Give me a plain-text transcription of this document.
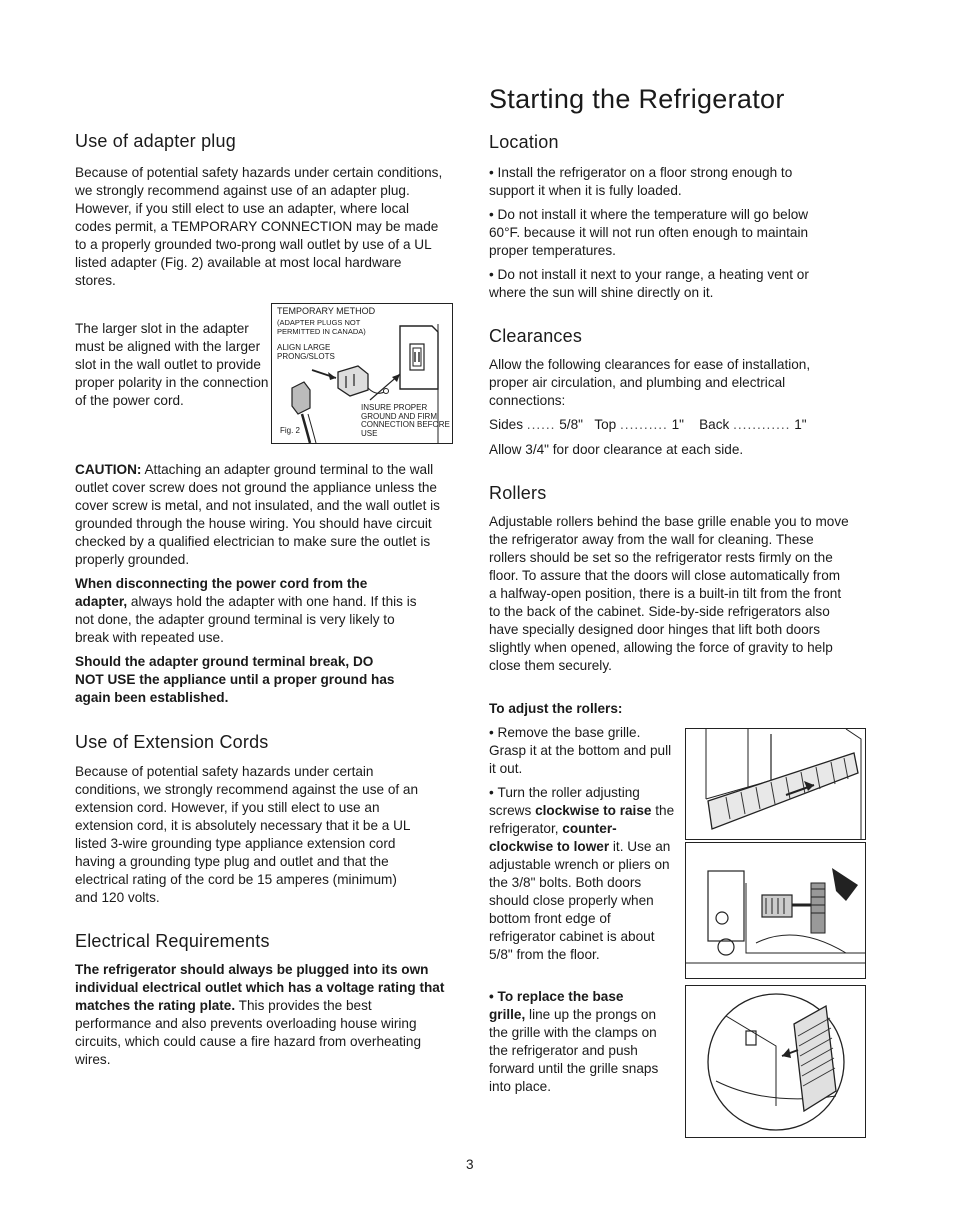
Use of adapter plug

Because of potential safety hazards under certain conditions, we strongly recommend against use of an adapter plug. However, if you still elect to use an adapter, where local codes permit, a TEMPORARY CONNECTION may be made to a properly grounded two-prong wall outlet by use of a UL listed adapter (Fig. 2) available at most local hardware stores.

The larger slot in the adapter must be aligned with the larger slot in the wall outlet to provide proper polarity in the connection of the power cord.

TEMPORARY METHOD
(ADAPTER PLUGS NOT PERMITTED IN CANADA)
ALIGN LARGE PRONG/SLOTS
INSURE PROPER GROUND AND FIRM CONNECTION BEFORE USE
Fig. 2

CAUTION: Attaching an adapter ground terminal to the wall outlet cover screw does not ground the appliance unless the cover screw is metal, and not insulated, and the wall outlet is grounded through the house wiring. You should have circuit checked by a qualified electrician to make sure the outlet is properly grounded.

When disconnecting the power cord from the adapter, always hold the adapter with one hand. If this is not done, the adapter ground terminal is very likely to break with repeated use.

Should the adapter ground terminal break, DO NOT USE the appliance until a proper ground has again been established.

Use of Extension Cords

Because of potential safety hazards under certain conditions, we strongly recommend against the use of an extension cord. However, if you still elect to use an extension cord, it is absolutely necessary that it be a UL listed 3-wire grounding type appliance extension cord having a grounding type plug and outlet and that the electrical rating of the cord be 15 amperes (minimum) and 120 volts.

Electrical Requirements

The refrigerator should always be plugged into its own individual electrical outlet which has a voltage rating that matches the rating plate. This provides the best performance and also prevents overloading house wiring circuits, which could cause a fire hazard from overheating wires.

Starting the Refrigerator
Location

• Install the refrigerator on a floor strong enough to support it when it is fully loaded.

• Do not install it where the temperature will go below 60°F. because it will not run often enough to maintain proper temperatures.

• Do not install it next to your range, a heating vent or where the sun will shine directly on it.

Clearances

Allow the following clearances for ease of installation, proper air circulation, and plumbing and electrical connections:

Sides ...... 5/8" Top .......... 1" Back ............ 1"

Allow 3/4" for door clearance at each side.

Rollers

Adjustable rollers behind the base grille enable you to move the refrigerator away from the wall for cleaning. These rollers should be set so the refrigerator rests firmly on the floor. To assure that the doors will close automatically from a halfway-open position, there is a built-in tilt from the front to the back of the cabinet. Side-by-side refrigerators also have specially designed door hinges that lift both doors slightly when opened, allowing the force of gravity to help close them securely.

To adjust the rollers:

• Remove the base grille. Grasp it at the bottom and pull it out.

• Turn the roller adjusting screws clockwise to raise the refrigerator, counter-clockwise to lower it. Use an adjustable wrench or pliers on the 3/8" bolts. Both doors should close properly when bottom front edge of refrigerator cabinet is about 5/8" from the floor.

• To replace the base grille, line up the prongs on the grille with the clamps on the refrigerator and push forward until the grille snaps into place.

3
